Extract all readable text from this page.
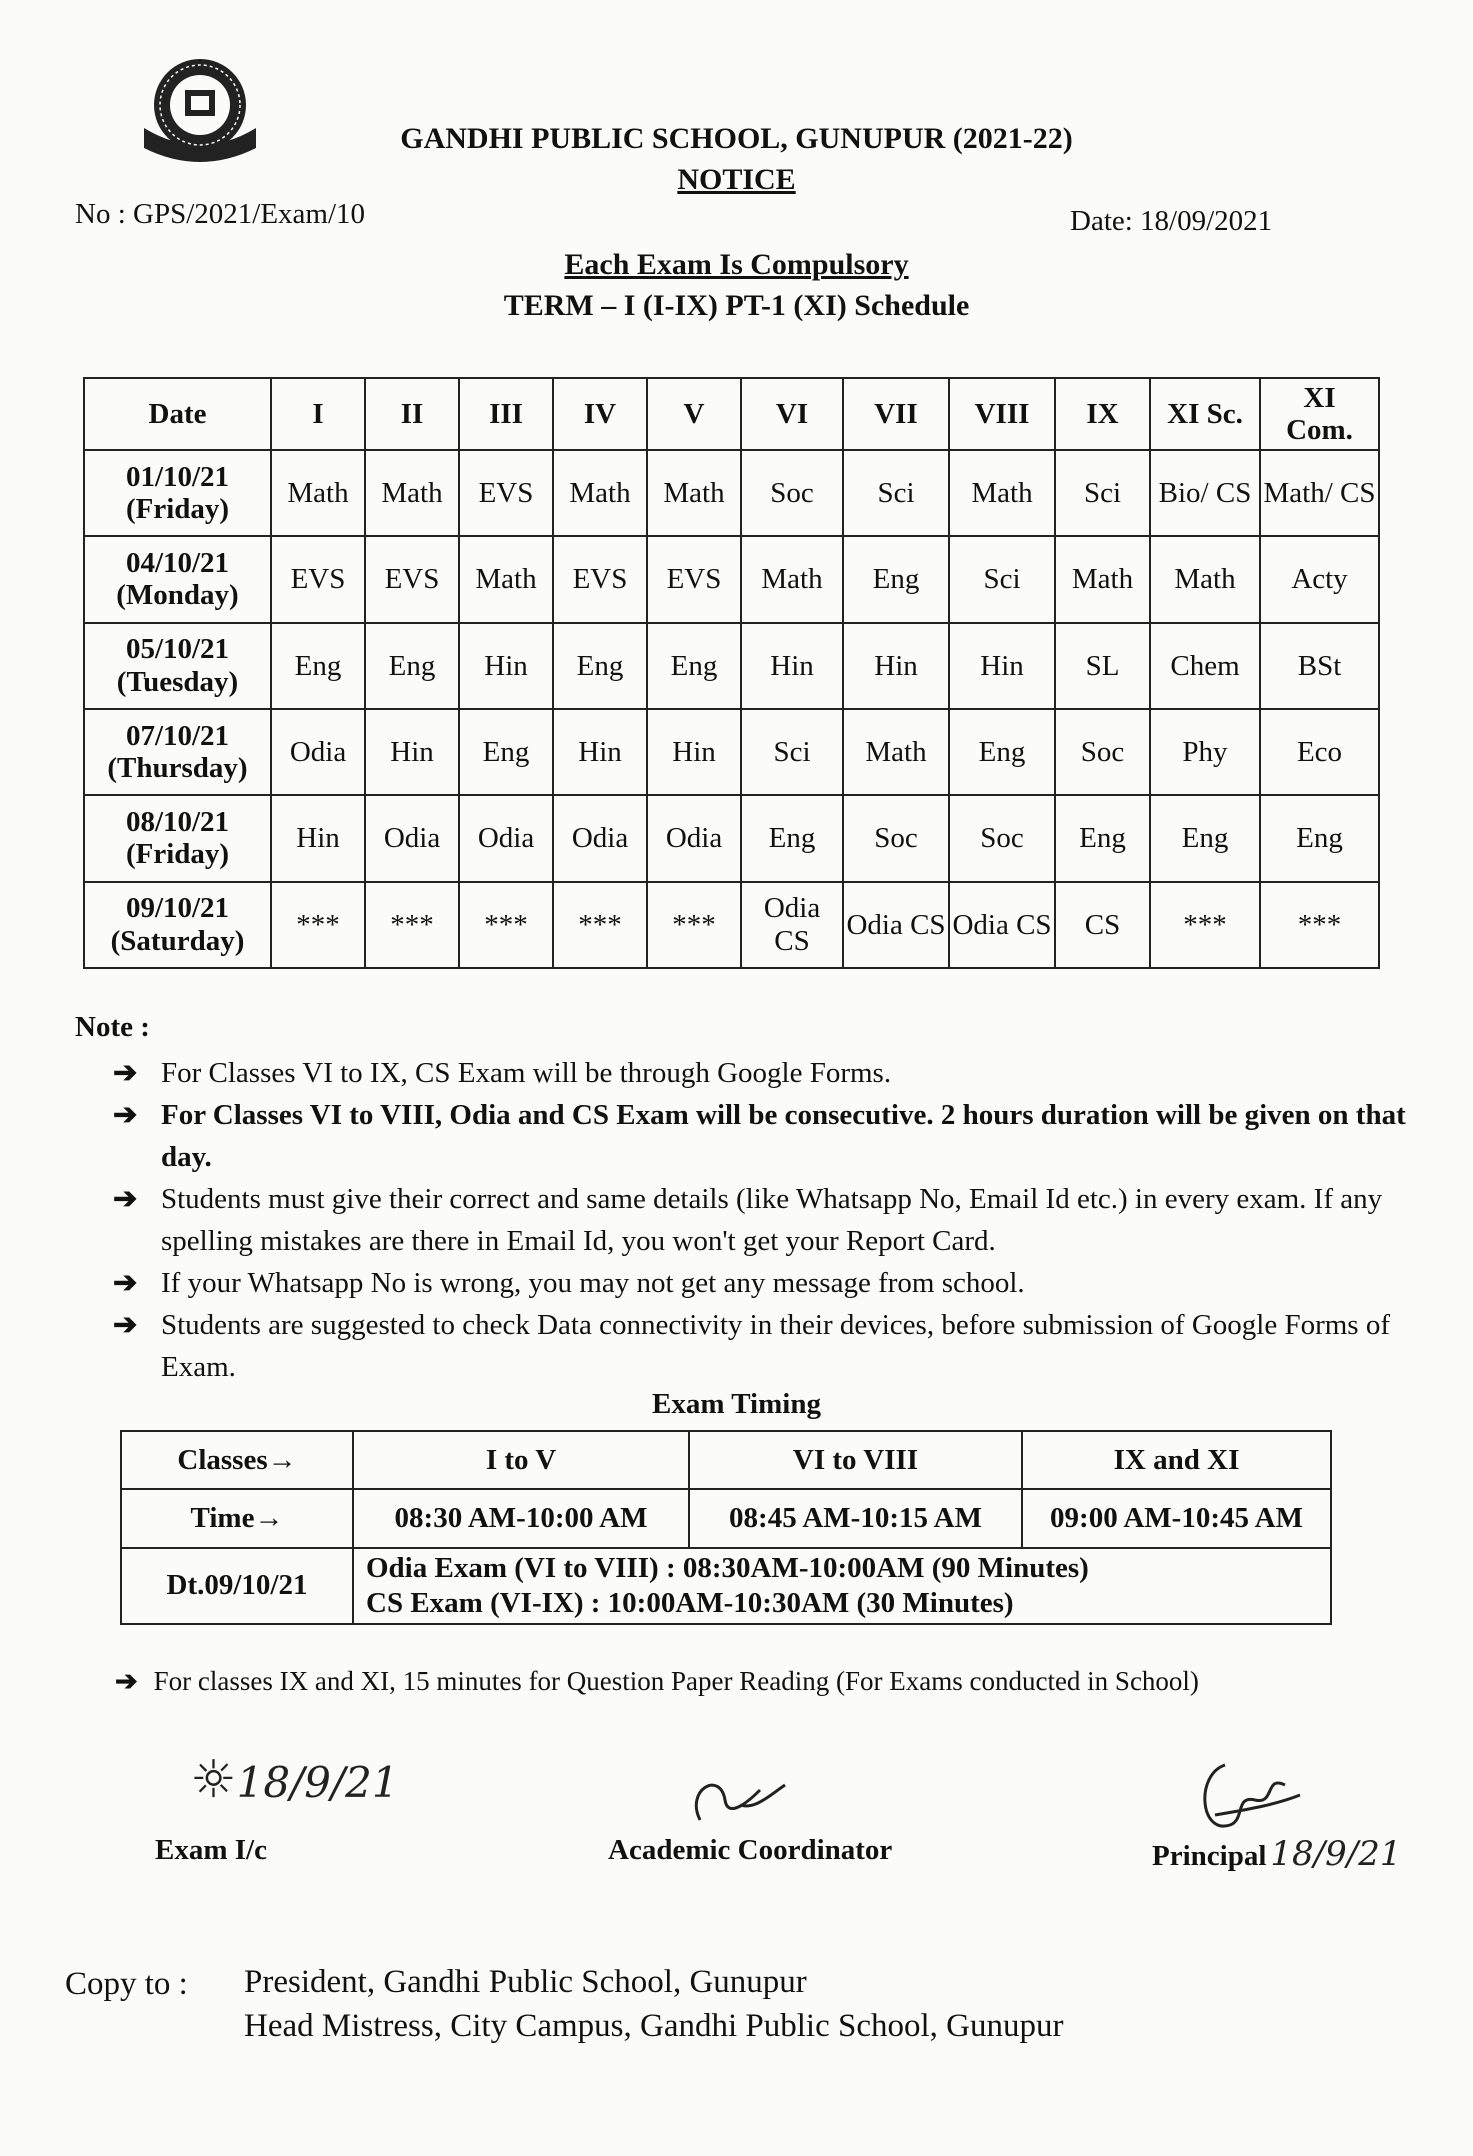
GANDHI PUBLIC SCHOOL, GUNUPUR (2021-22)
NOTICE
No : GPS/2021/Exam/10	Date: 18/09/2021
Each Exam Is Compulsory
TERM – I (I-IX) PT-1 (XI) Schedule
Date	I	II	III	IV	V	VI	VII	VIII	IX	XI Sc.	XI Com.

01/10/21
(Friday)	Math	Math	EVS	Math	Math	Soc	Sci	Math	Sci	Bio/ CS	Math/ CS

04/10/21
(Monday)	EVS	EVS	Math	EVS	EVS	Math	Eng	Sci	Math	Math	Acty

05/10/21
(Tuesday)	Eng	Eng	Hin	Eng	Eng	Hin	Hin	Hin	SL	Chem	BSt

07/10/21
(Thursday)	Odia	Hin	Eng	Hin	Hin	Sci	Math	Eng	Soc	Phy	Eco

08/10/21
(Friday)	Hin	Odia	Odia	Odia	Odia	Eng	Soc	Soc	Eng	Eng	Eng

09/10/21
(Saturday)	***	***	***	***	***	Odia CS	Odia CS	Odia CS	CS	***	***
Note :
➔ For Classes VI to IX, CS Exam will be through Google Forms.
➔ For Classes VI to VIII, Odia and CS Exam will be consecutive. 2 hours duration will be given on that day.
➔ Students must give their correct and same details (like Whatsapp No, Email Id etc.) in every exam. If any spelling mistakes are there in Email Id, you won't get your Report Card.
➔ If your Whatsapp No is wrong, you may not get any message from school.
➔ Students are suggested to check Data connectivity in their devices, before submission of Google Forms of Exam.
Exam Timing
Classes→	I to V	VI to VIII	IX and XI
Time→	08:30 AM-10:00 AM	08:45 AM-10:15 AM	09:00 AM-10:45 AM
Dt.09/10/21	Odia Exam (VI to VIII) : 08:30AM-10:00AM (90 Minutes)
CS Exam (VI-IX) : 10:00AM-10:30AM (30 Minutes)		
➔ For classes IX and XI, 15 minutes for Question Paper Reading (For Exams conducted in School)
☼18/9/21
Exam I/c	Academic Coordinator	Principal 18/9/21
Copy to : President, Gandhi Public School, Gunupur
Head Mistress, City Campus, Gandhi Public School, Gunupur
